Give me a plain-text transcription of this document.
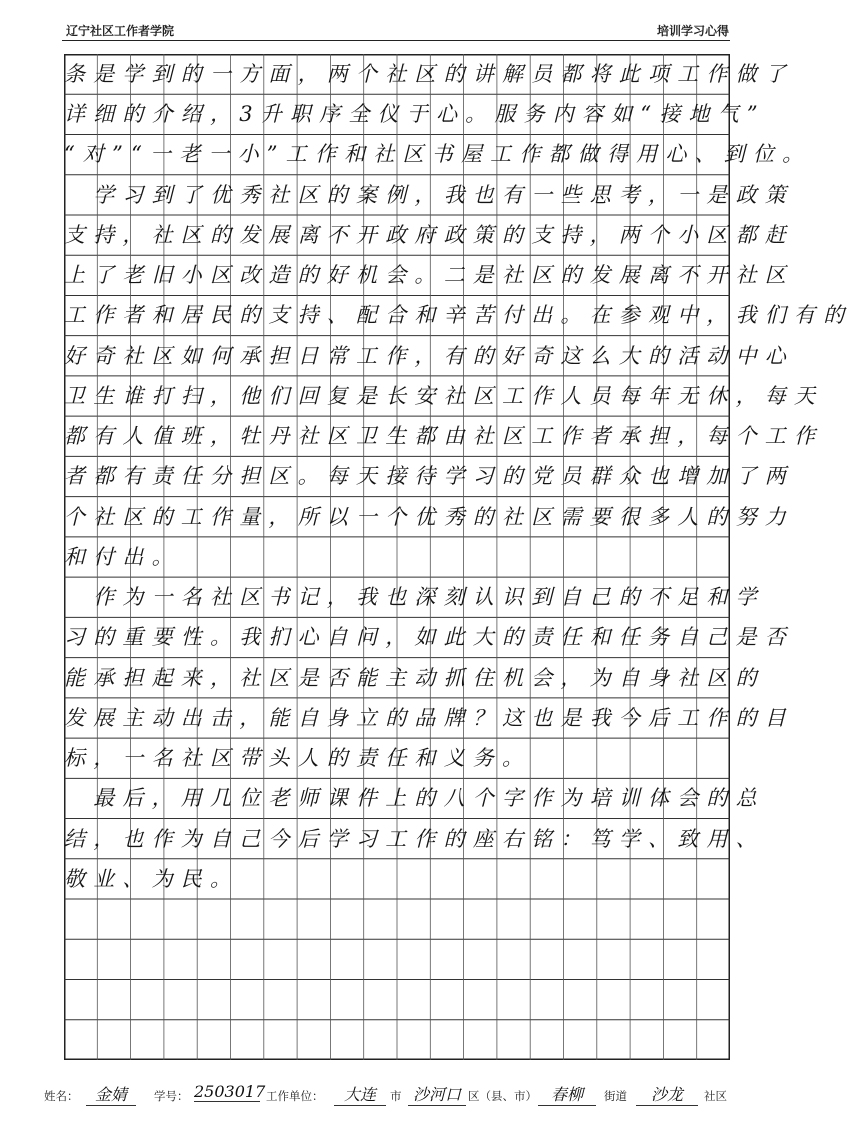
辽宁社区工作者学院	培训学习心得
条是学到的一方面，两个社区的讲解员都将此项工作做了
详细的介绍，3升职序全仪于心。服务内容如“接地气”
“对”“一老一小”工作和社区书屋工作都做得用心、到位。
　学习到了优秀社区的案例，我也有一些思考，一是政策
支持，社区的发展离不开政府政策的支持，两个小区都赶
上了老旧小区改造的好机会。二是社区的发展离不开社区
工作者和居民的支持、配合和辛苦付出。在参观中，我们有的
好奇社区如何承担日常工作，有的好奇这么大的活动中心
卫生谁打扫，他们回复是长安社区工作人员每年无休，每天
都有人值班，牡丹社区卫生都由社区工作者承担，每个工作
者都有责任分担区。每天接待学习的党员群众也增加了两
个社区的工作量，所以一个优秀的社区需要很多人的努力
和付出。
　作为一名社区书记，我也深刻认识到自己的不足和学
习的重要性。我扪心自问，如此大的责任和任务自己是否
能承担起来，社区是否能主动抓住机会，为自身社区的
发展主动出击，能自身立的品牌？这也是我今后工作的目
标，一名社区带头人的责任和义务。
　最后，用几位老师课件上的八个字作为培训体会的总
结，也作为自己今后学习工作的座右铭：笃学、致用、
敬业、为民。
姓名：	金婧	学号： 2503017 工作单位：	大连	市 沙河口 区（县、市） 春柳	街道	沙龙	社区
